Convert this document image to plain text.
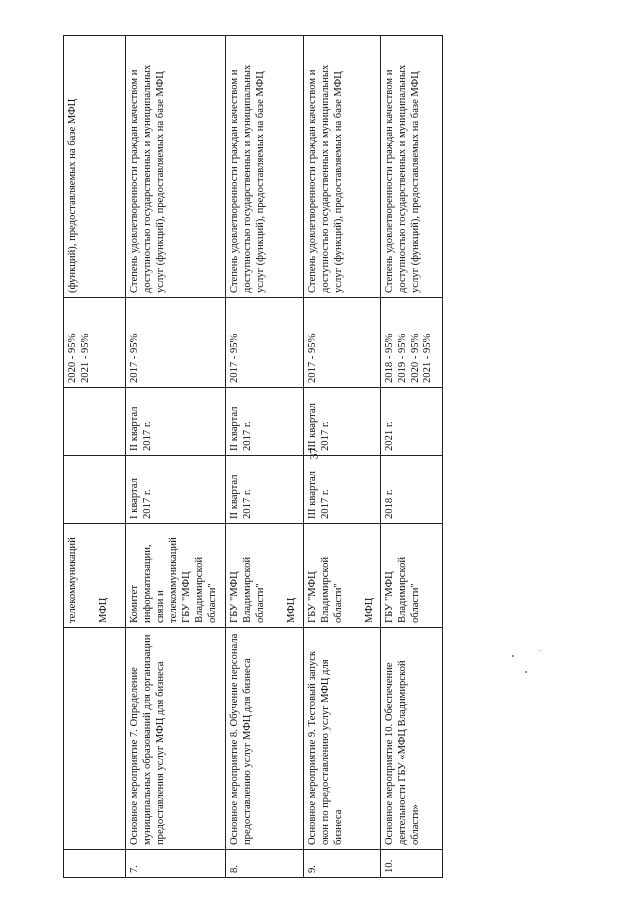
37

		телекоммуникаций МФЦ			2020 - 95% 2021 - 95%	(функций), предоставляемых на базе МФЦ
7.	Основное мероприятие 7. Определение муниципальных образований для организации предоставления услуг МФЦ для бизнеса	Комитет информатизации, связи и телекоммуникаций ГБУ "МФЦ Владимирской области"	I квартал 2017 г.	II квартал 2017 г.	2017 - 95%	Степень удовлетворенности граждан качеством и доступностью государственных и муниципальных услуг (функций), предоставляемых на базе МФЦ
8.	Основное мероприятие 8. Обучение персонала предоставлению услуг МФЦ для бизнеса	ГБУ "МФЦ Владимирской области" МФЦ	II квартал 2017 г.	II квартал 2017 г.	2017 - 95%	Степень удовлетворенности граждан качеством и доступностью государственных и муниципальных услуг (функций), предоставляемых на базе МФЦ
9.	Основное мероприятие 9. Тестовый запуск окон по предоставлению услуг МФЦ для бизнеса	ГБУ "МФЦ Владимирской области" МФЦ	III квартал 2017 г.	III квартал 2017 г.	2017 - 95%	Степень удовлетворенности граждан качеством и доступностью государственных и муниципальных услуг (функций), предоставляемых на базе МФЦ
10.	Основное мероприятие 10. Обеспечение деятельности ГБУ «МФЦ Владимирской области»	ГБУ "МФЦ Владимирской области"	2018 г.	2021 г.	2018 - 95% 2019 - 95% 2020 - 95% 2021 - 95%	Степень удовлетворенности граждан качеством и доступностью государственных и муниципальных услуг (функций), предоставляемых на базе МФЦ
